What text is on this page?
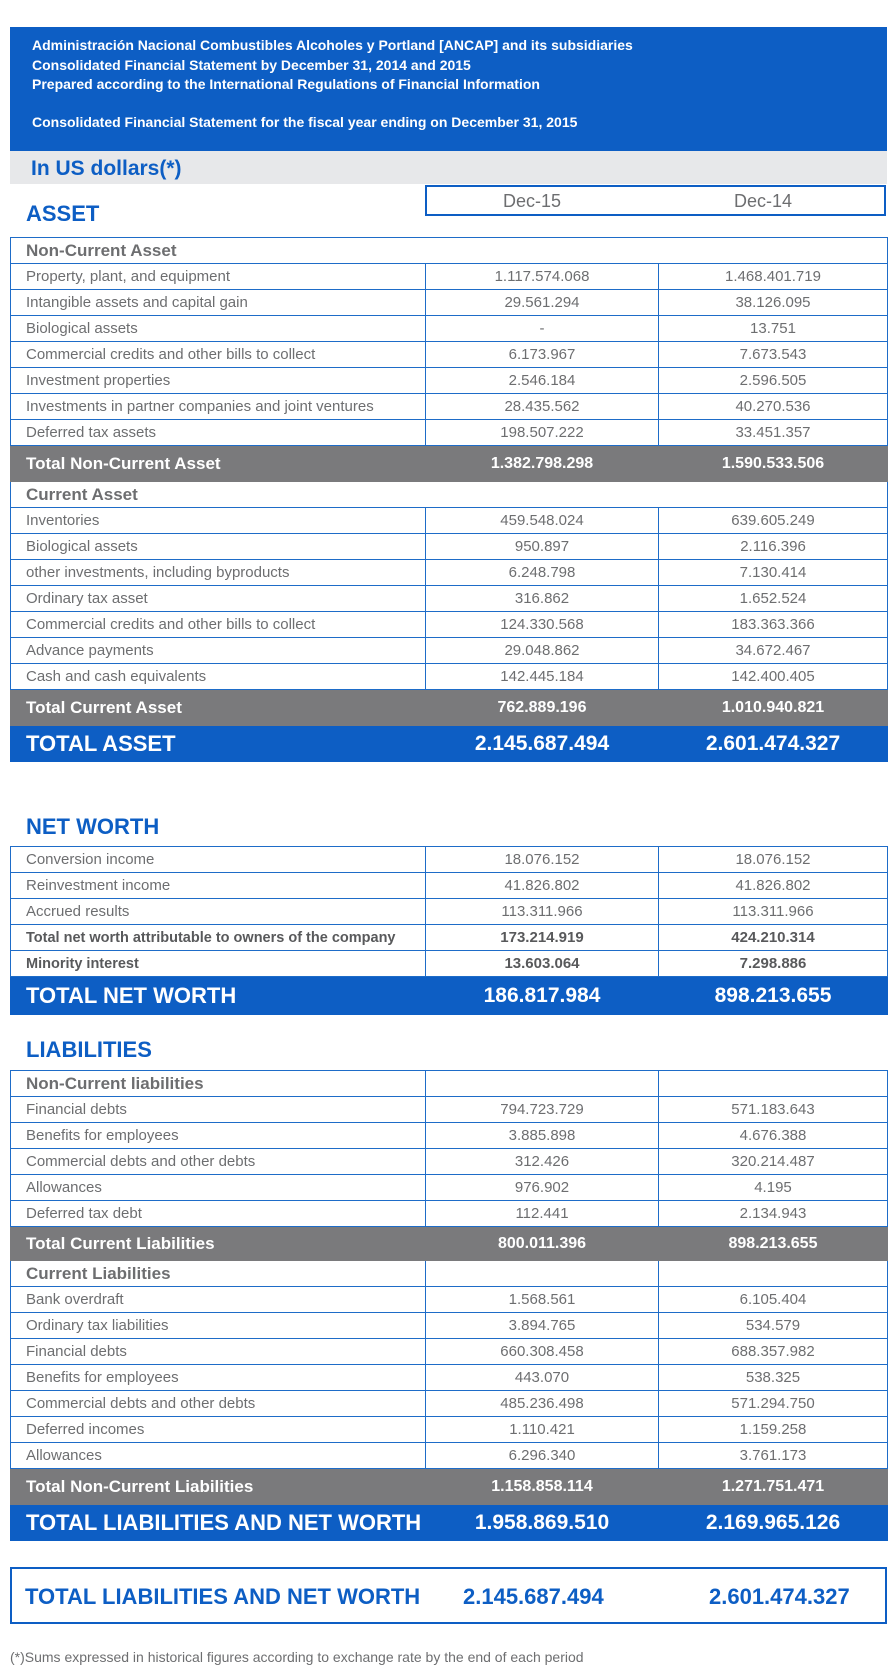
Administración Nacional Combustibles Alcoholes y Portland [ANCAP] and its subsidiaries
Consolidated Financial Statement by December 31, 2014 and 2015
Prepared according to the International Regulations of Financial Information
Consolidated Financial Statement for the fiscal year ending on December 31, 2015
In US dollars(*)
Dec-15	Dec-14
ASSET
Non-Current Asset		
Property, plant, and equipment	1.117.574.068	1.468.401.719
Intangible assets and capital gain	29.561.294	38.126.095
Biological assets	-	13.751
Commercial credits and other bills to collect	6.173.967	7.673.543
Investment properties	2.546.184	2.596.505
Investments in partner companies and joint ventures	28.435.562	40.270.536
Deferred tax assets	198.507.222	33.451.357
Total Non-Current Asset	1.382.798.298	1.590.533.506
Current Asset		
Inventories	459.548.024	639.605.249
Biological assets	950.897	2.116.396
other investments, including byproducts	6.248.798	7.130.414
Ordinary tax asset	316.862	1.652.524
Commercial credits and other bills to collect	124.330.568	183.363.366
Advance payments	29.048.862	34.672.467
Cash and cash equivalents	142.445.184	142.400.405
Total Current Asset	762.889.196	1.010.940.821
TOTAL ASSET	2.145.687.494	2.601.474.327
NET WORTH
Conversion income	18.076.152	18.076.152
Reinvestment income	41.826.802	41.826.802
Accrued results	113.311.966	113.311.966
Total net worth attributable to owners of the company	173.214.919	424.210.314
Minority interest	13.603.064	7.298.886
TOTAL NET WORTH	186.817.984	898.213.655
LIABILITIES
Non-Current liabilities		
Financial debts	794.723.729	571.183.643
Benefits for employees	3.885.898	4.676.388
Commercial debts and other debts	312.426	320.214.487
Allowances	976.902	4.195
Deferred tax debt	112.441	2.134.943
Total Current Liabilities	800.011.396	898.213.655
Current Liabilities		
Bank overdraft	1.568.561	6.105.404
Ordinary tax liabilities	3.894.765	534.579
Financial debts	660.308.458	688.357.982
Benefits for employees	443.070	538.325
Commercial debts and other debts	485.236.498	571.294.750
Deferred incomes	1.110.421	1.159.258
Allowances	6.296.340	3.761.173
Total Non-Current Liabilities	1.158.858.114	1.271.751.471
TOTAL LIABILITIES AND NET WORTH	1.958.869.510	2.169.965.126
TOTAL LIABILITIES AND NET WORTH 2.145.687.494	2.601.474.327
(*)Sums expressed in historical figures according to exchange rate by the end of each period
